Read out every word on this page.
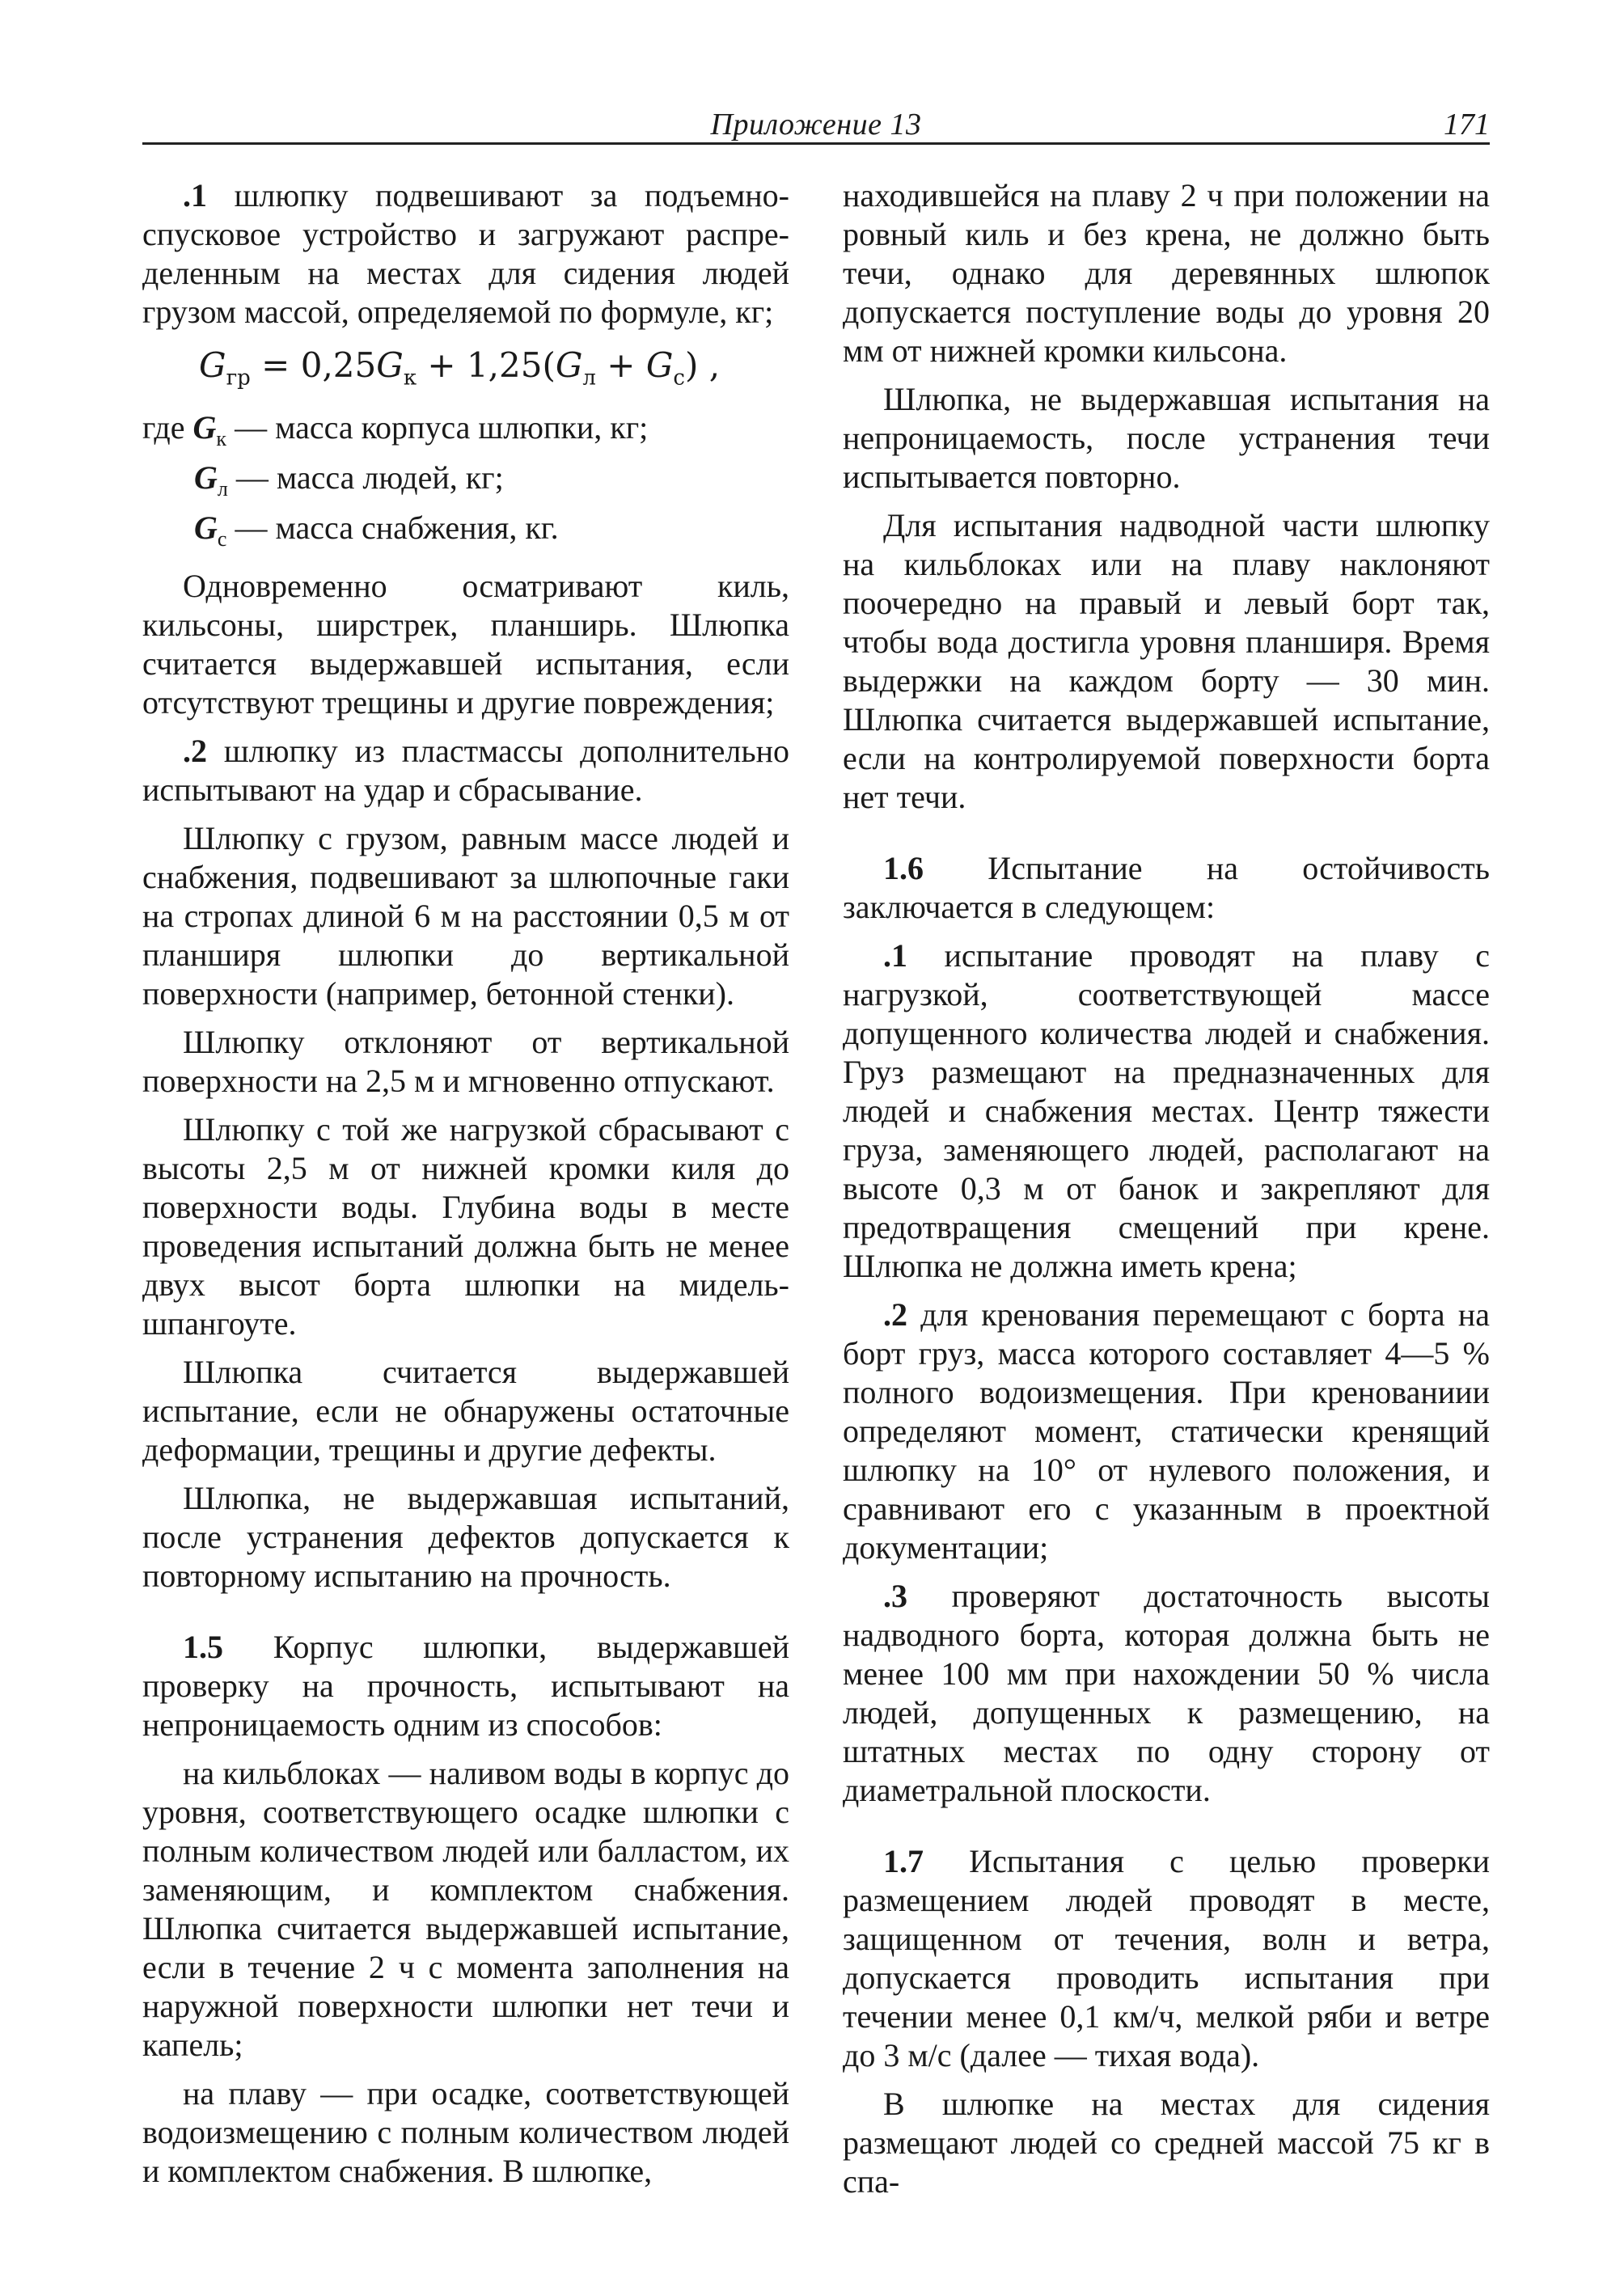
Приложение 13	171

.1 шлюпку подвешивают за подъемно-спусковое устройство и загружают распределенным на местах для сидения людей грузом массой, определяемой по формуле, кг;

$G_{гр} = 0,25G_к + 1,25(G_л + G_с)$ ,
где $G_к$ — масса корпуса шлюпки, кг;
$G_л$ — масса людей, кг;
$G_с$ — масса снабжения, кг.

Одновременно осматривают киль, кильсоны, ширстрек, планширь. Шлюпка считается выдержавшей испытания, если отсутствуют трещины и другие повреждения;

.2 шлюпку из пластмассы дополнительно испытывают на удар и сбрасывание.

Шлюпку с грузом, равным массе людей и снабжения, подвешивают за шлюпочные гаки на стропах длиной 6 м на расстоянии 0,5 м от планширя шлюпки до вертикальной поверхности (например, бетонной стенки).

Шлюпку отклоняют от вертикальной поверхности на 2,5 м и мгновенно отпускают.

Шлюпку с той же нагрузкой сбрасывают с высоты 2,5 м от нижней кромки киля до поверхности воды. Глубина воды в месте проведения испытаний должна быть не менее двух высот борта шлюпки на мидель-шпангоуте.

Шлюпка считается выдержавшей испытание, если не обнаружены остаточные деформации, трещины и другие дефекты.

Шлюпка, не выдержавшая испытаний, после устранения дефектов допускается к повторному испытанию на прочность.

1.5 Корпус шлюпки, выдержавшей проверку на прочность, испытывают на непроницаемость одним из способов:

на кильблоках — наливом воды в корпус до уровня, соответствующего осадке шлюпки с полным количеством людей или балластом, их заменяющим, и комплектом снабжения. Шлюпка считается выдержавшей испытание, если в течение 2 ч с момента заполнения на наружной поверхности шлюпки нет течи и капель;

на плаву — при осадке, соответствующей водоизмещению с полным количеством людей и комплектом снабжения. В шлюпке,

находившейся на плаву 2 ч при положении на ровный киль и без крена, не должно быть течи, однако для деревянных шлюпок допускается поступление воды до уровня 20 мм от нижней кромки кильсона.

Шлюпка, не выдержавшая испытания на непроницаемость, после устранения течи испытывается повторно.

Для испытания надводной части шлюпку на кильблоках или на плаву наклоняют поочередно на правый и левый борт так, чтобы вода достигла уровня планширя. Время выдержки на каждом борту — 30 мин. Шлюпка считается выдержавшей испытание, если на контролируемой поверхности борта нет течи.

1.6 Испытание на остойчивость заключается в следующем:

.1 испытание проводят на плаву с нагрузкой, соответствующей массе допущенного количества людей и снабжения. Груз размещают на предназначенных для людей и снабжения местах. Центр тяжести груза, заменяющего людей, располагают на высоте 0,3 м от банок и закрепляют для предотвращения смещений при крене. Шлюпка не должна иметь крена;

.2 для кренования перемещают с борта на борт груз, масса которого составляет 4—5 % полного водоизмещения. При кренованиии определяют момент, статически кренящий шлюпку на 10° от нулевого положения, и сравнивают его с указанным в проектной документации;

.3 проверяют достаточность высоты надводного борта, которая должна быть не менее 100 мм при нахождении 50 % числа людей, допущенных к размещению, на штатных местах по одну сторону от диаметральной плоскости.

1.7 Испытания с целью проверки размещением людей проводят в месте, защищенном от течения, волн и ветра, допускается проводить испытания при течении менее 0,1 км/ч, мелкой ряби и ветре до 3 м/с (далее — тихая вода).

В шлюпке на местах для сидения размещают людей со средней массой 75 кг в спа-
